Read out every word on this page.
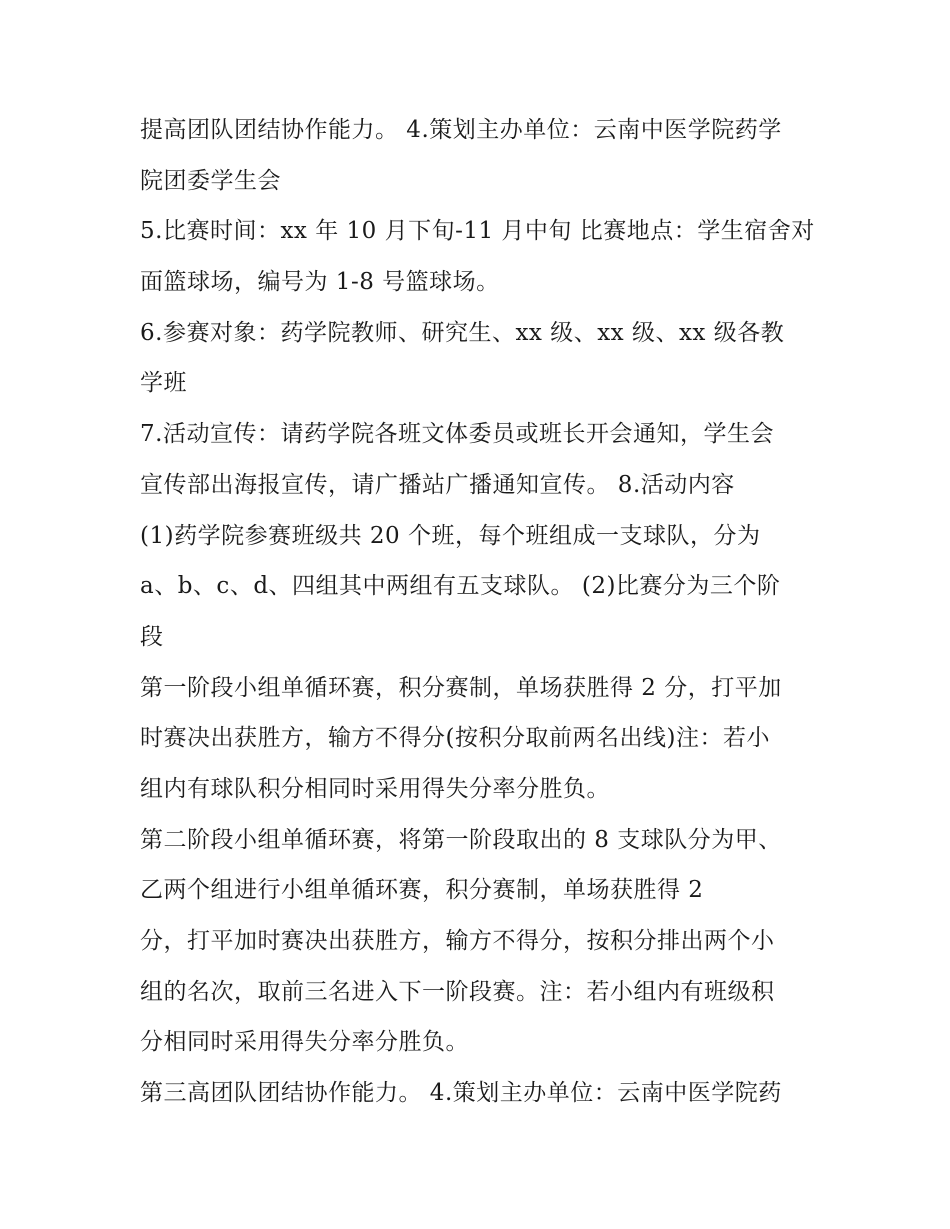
提高团队团结协作能力。 4.策划主办单位：云南中医学院药学
院团委学生会
5.比赛时间：xx 年 10 月下旬-11 月中旬 比赛地点：学生宿舍对
面篮球场，编号为 1-8 号篮球场。
6.参赛对象：药学院教师、研究生、xx 级、xx 级、xx 级各教
学班
7.活动宣传：请药学院各班文体委员或班长开会通知，学生会
宣传部出海报宣传，请广播站广播通知宣传。 8.活动内容
(1)药学院参赛班级共 20 个班，每个班组成一支球队，分为
a、b、c、d、四组其中两组有五支球队。 (2)比赛分为三个阶
段
第一阶段小组单循环赛，积分赛制，单场获胜得 2 分，打平加
时赛决出获胜方，输方不得分(按积分取前两名出线)注：若小
组内有球队积分相同时采用得失分率分胜负。
第二阶段小组单循环赛，将第一阶段取出的 8 支球队分为甲、
乙两个组进行小组单循环赛，积分赛制，单场获胜得 2
分，打平加时赛决出获胜方，输方不得分，按积分排出两个小
组的名次，取前三名进入下一阶段赛。注：若小组内有班级积
分相同时采用得失分率分胜负。
第三高团队团结协作能力。 4.策划主办单位：云南中医学院药
